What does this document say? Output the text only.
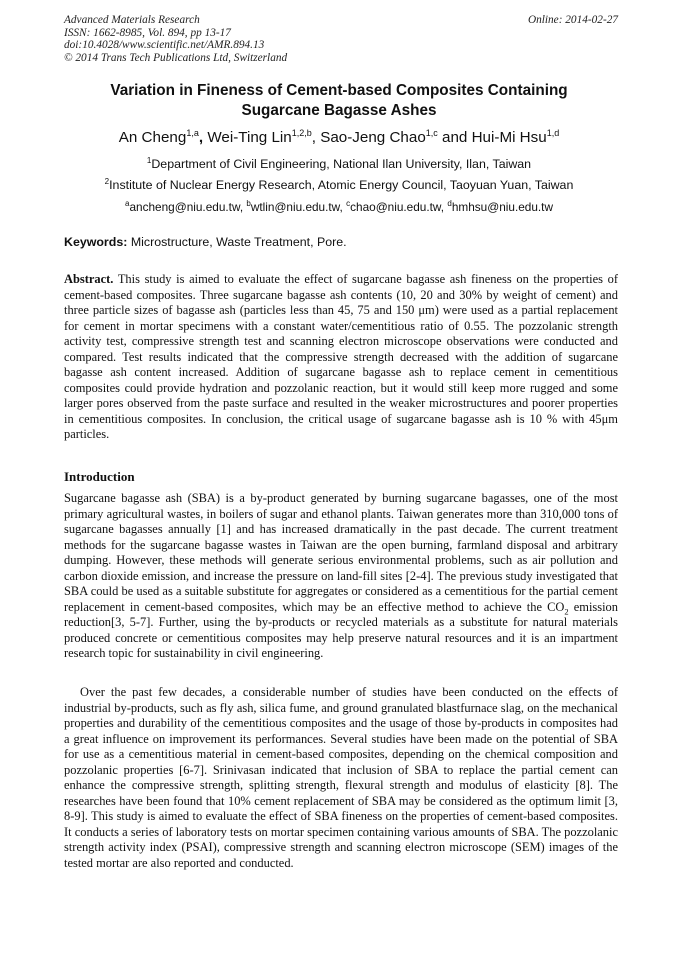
Advanced Materials Research
ISSN: 1662-8985, Vol. 894, pp 13-17
doi:10.4028/www.scientific.net/AMR.894.13
© 2014 Trans Tech Publications Ltd, Switzerland
Online: 2014-02-27
Variation in Fineness of Cement-based Composites Containing
Sugarcane Bagasse Ashes
An Cheng$^{1,a}$, Wei-Ting Lin$^{1,2,b}$, Sao-Jeng Chao$^{1,c}$ and Hui-Mi Hsu$^{1,d}$
$^1$Department of Civil Engineering, National Ilan University, Ilan, Taiwan
$^2$Institute of Nuclear Energy Research, Atomic Energy Council, Taoyuan Yuan, Taiwan
$^a$ancheng@niu.edu.tw, $^b$wtlin@niu.edu.tw, $^c$chao@niu.edu.tw, $^d$hmhsu@niu.edu.tw
Keywords: Microstructure, Waste Treatment, Pore.
Abstract. This study is aimed to evaluate the effect of sugarcane bagasse ash fineness on the properties of cement-based composites. Three sugarcane bagasse ash contents (10, 20 and 30% by weight of cement) and three particle sizes of bagasse ash (particles less than 45, 75 and 150 μm) were used as a partial replacement for cement in mortar specimens with a constant water/cementitious ratio of 0.55. The pozzolanic strength activity test, compressive strength test and scanning electron microscope observations were conducted and compared. Test results indicated that the compressive strength decreased with the addition of sugarcane bagasse ash content increased. Addition of sugarcane bagasse ash to replace cement in cementitious composites could provide hydration and pozzolanic reaction, but it would still keep more rugged and some larger pores observed from the paste surface and resulted in the weaker microstructures and poorer properties in cementitious composites. In conclusion, the critical usage of sugarcane bagasse ash is 10 % with 45μm particles.
Introduction
Sugarcane bagasse ash (SBA) is a by-product generated by burning sugarcane bagasses, one of the most primary agricultural wastes, in boilers of sugar and ethanol plants. Taiwan generates more than 310,000 tons of sugarcane bagasses annually [1] and has increased dramatically in the past decade. The current treatment methods for the sugarcane bagasse wastes in Taiwan are the open burning, farmland disposal and arbitrary dumping. However, these methods will generate serious environmental problems, such as air pollution and carbon dioxide emission, and increase the pressure on land-fill sites [2-4]. The previous study investigated that SBA could be used as a suitable substitute for aggregates or considered as a cementitious for the partial cement replacement in cement-based composites, which may be an effective method to achieve the $CO_2$ emission reduction[3, 5-7]. Further, using the by-products or recycled materials as a substitute for natural materials produced concrete or cementitious composites may help preserve natural resources and it is an impartment research topic for sustainability in civil engineering.
Over the past few decades, a considerable number of studies have been conducted on the effects of industrial by-products, such as fly ash, silica fume, and ground granulated blastfurnace slag, on the mechanical properties and durability of the cementitious composites and the usage of those by-products in composites had a great influence on improvement its performances. Several studies have been made on the potential of SBA for use as a cementitious material in cement-based composites, depending on the chemical composition and pozzolanic properties [6-7]. Srinivasan indicated that inclusion of SBA to replace the partial cement can enhance the compressive strength, splitting strength, flexural strength and modulus of elasticity [8]. The researches have been found that 10% cement replacement of SBA may be considered as the optimum limit [3, 8-9]. This study is aimed to evaluate the effect of SBA fineness on the properties of cement-based composites. It conducts a series of laboratory tests on mortar specimen containing various amounts of SBA. The pozzolanic strength activity index (PSAI), compressive strength and scanning electron microscope (SEM) images of the tested mortar are also reported and conducted.
